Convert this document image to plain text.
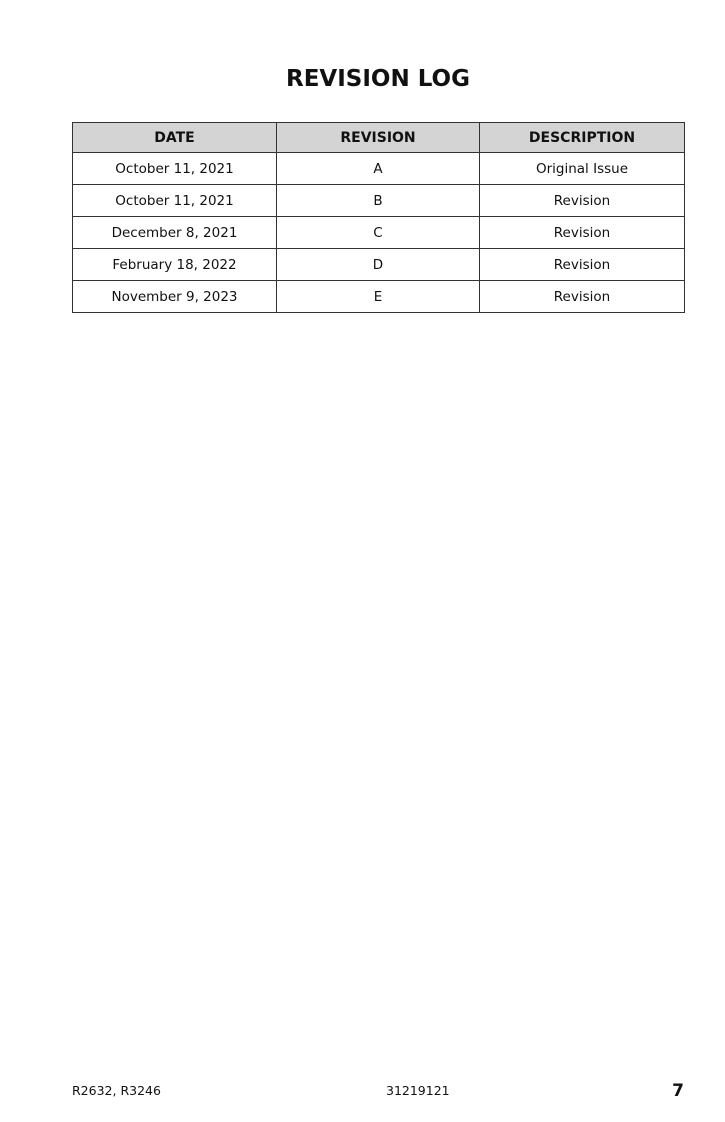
REVISION LOG
DATE	REVISION	DESCRIPTION
October 11, 2021	A	Original Issue
October 11, 2021	B	Revision
December 8, 2021	C	Revision
February 18, 2022	D	Revision
November 9, 2023	E	Revision
R2632, R3246	31219121	7
